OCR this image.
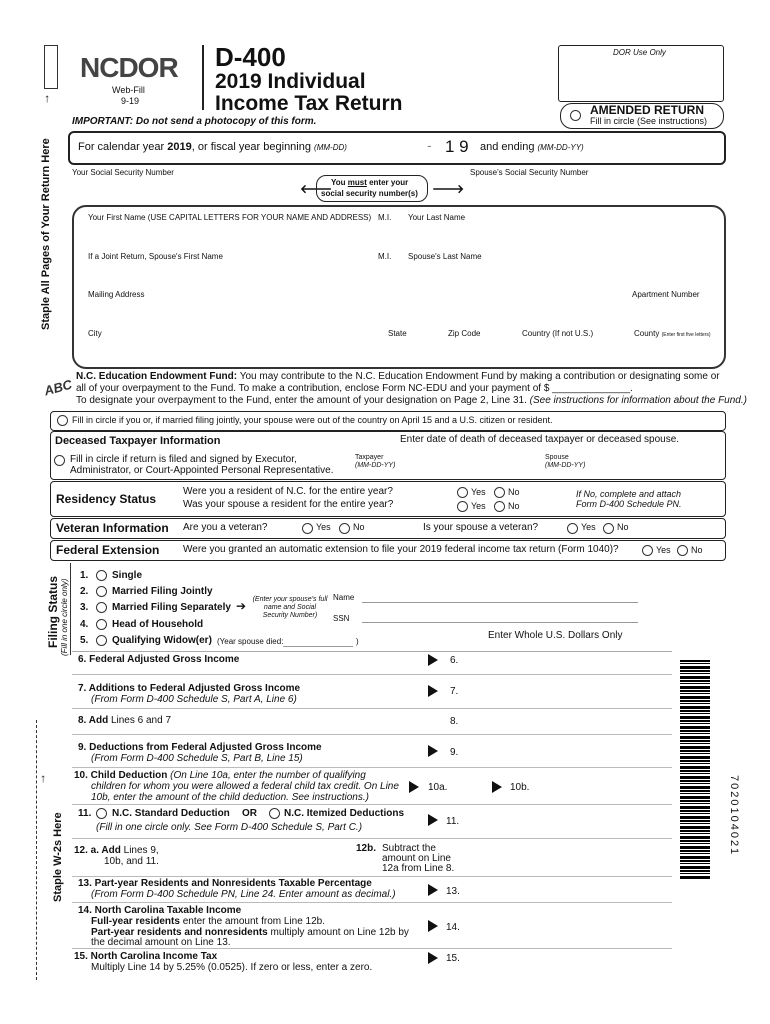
Staple All Pages of Your Return Here
→
Staple W-2s Here
→
Filing Status (Fill in one circle only)
7020104021
NCDOR
Web-Fill
9-19
D-400
2019 Individual
Income Tax Return
DOR Use Only
AMENDED RETURN
Fill in circle (See instructions)
IMPORTANT: Do not send a photocopy of this form.
For calendar year 2019, or fiscal year beginning (MM-DD)	- 1 9 and ending (MM-DD-YY)
Your Social Security Number	Spouse's Social Security Number
🡐
You must enter your
social security number(s) 🡒
Your First Name (USE CAPITAL LETTERS FOR YOUR NAME AND ADDRESS) M.I. Your Last Name
If a Joint Return, Spouse's First Name	M.I. Spouse's Last Name
Mailing Address	Apartment Number
City	State	Zip Code	Country (If not U.S.)	County (Enter first five letters)
ABC
N.C. Education Endowment Fund: You may contribute to the N.C. Education Endowment Fund by making a contribution or designating some or
all of your overpayment to the Fund. To make a contribution, enclose Form NC-EDU and your payment of $ ______________.
To designate your overpayment to the Fund, enter the amount of your designation on Page 2, Line 31. (See instructions for information about the Fund.)
Fill in circle if you or, if married filing jointly, your spouse were out of the country on April 15 and a U.S. citizen or resident.
Deceased Taxpayer Information	Enter date of death of deceased taxpayer or deceased spouse.
Fill in circle if return is filed and signed by Executor,
Administrator, or Court-Appointed Personal Representative.
Taxpayer
(MM-DD-YY)
Spouse
(MM-DD-YY)
Residency Status
Were you a resident of N.C. for the entire year?
Was your spouse a resident for the entire year?
Yes No
Yes No
If No, complete and attach
Form D-400 Schedule PN.
Veteran Information Are you a veteran?	Yes No	Is your spouse a veteran?	Yes No
Federal Extension Were you granted an automatic extension to file your 2019 federal income tax return (Form 1040)?	Yes No
1. Single
2. Married Filing Jointly
3. Married Filing Separately ➔
4. Head of Household
5. Qualifying Widow(er) (Year spouse died:	)
(Enter your spouse's full name and Social Security Number)
Name
SSN
Enter Whole U.S. Dollars Only
6. Federal Adjusted Gross Income	6.
7. Additions to Federal Adjusted Gross Income
(From Form D-400 Schedule S, Part A, Line 6)
7.
8. Add Lines 6 and 7	8.
9. Deductions from Federal Adjusted Gross Income
(From Form D-400 Schedule S, Part B, Line 15)
9.
10. Child Deduction (On Line 10a, enter the number of qualifying
children for whom you were allowed a federal child tax credit. On Line
10b, enter the amount of the child deduction. See instructions.)
10a.	10b.
11. N.C. Standard Deduction OR	N.C. Itemized Deductions
(Fill in one circle only. See Form D-400 Schedule S, Part C.)
11.
12. a. Add Lines 9,
10b, and 11.
12b. Subtract the
amount on Line
12a from Line 8.
13. Part-year Residents and Nonresidents Taxable Percentage
(From Form D-400 Schedule PN, Line 24. Enter amount as decimal.)	13.
14. North Carolina Taxable Income
Full-year residents enter the amount from Line 12b.
Part-year residents and nonresidents multiply amount on Line 12b by
the decimal amount on Line 13.
14.
15. North Carolina Income Tax
Multiply Line 14 by 5.25% (0.0525). If zero or less, enter a zero.
15.
